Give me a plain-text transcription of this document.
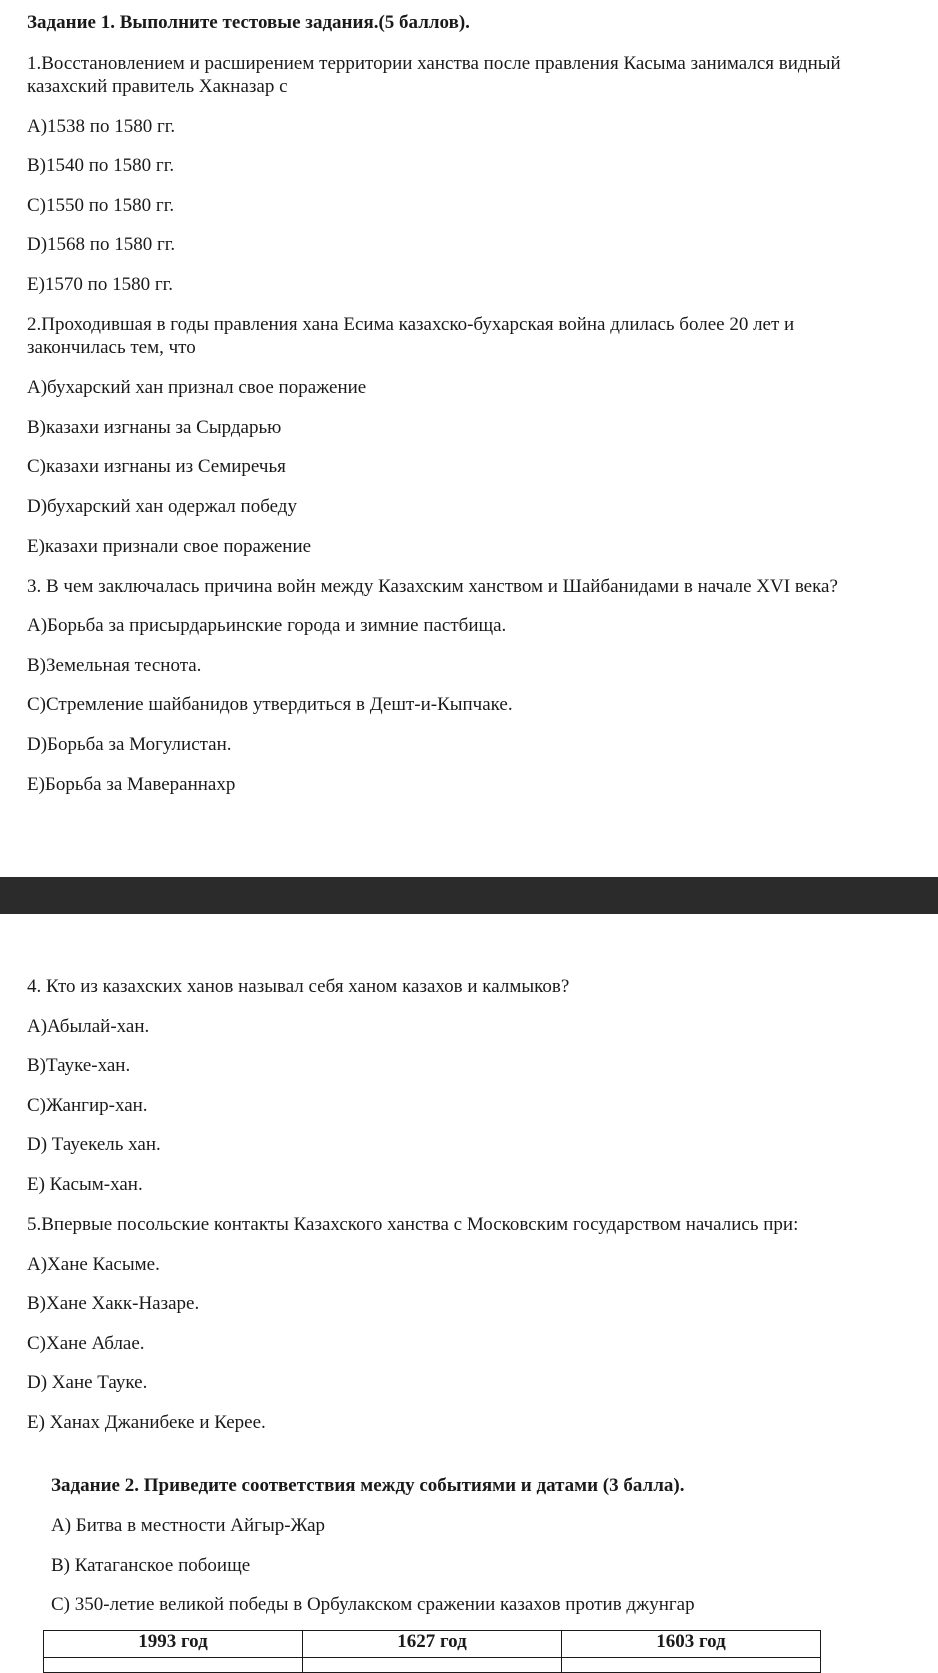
Задание 1. Выполните тестовые задания.(5 баллов).
1.Восстановлением и расширением территории ханства после правления Касыма занимался видный
казахский правитель Хакназар с
A)1538 по 1580 гг.
B)1540 по 1580 гг.
C)1550 по 1580 гг.
D)1568 по 1580 гг.
E)1570 по 1580 гг.
2.Проходившая в годы правления хана Есима казахско-бухарская война длилась более 20 лет и
закончилась тем, что
A)бухарский хан признал свое поражение
B)казахи изгнаны за Сырдарью
C)казахи изгнаны из Семиречья
D)бухарский хан одержал победу
E)казахи признали свое поражение
3. В чем заключалась причина войн между Казахским ханством и Шайбанидами в начале XVI века?
A)Борьба за присырдарьинские города и зимние пастбища.
B)Земельная теснота.
C)Стремление шайбанидов утвердиться в Дешт-и-Кыпчаке.
D)Борьба за Могулистан.
E)Борьба за Мавераннахр
4. Кто из казахских ханов называл себя ханом казахов и калмыков?
A)Абылай-хан.
B)Тауке-хан.
C)Жангир-хан.
D) Тауекель хан.
E) Касым-хан.
5.Впервые посольские контакты Казахского ханства с Московским государством начались при:
A)Хане Касыме.
B)Хане Хакк-Назаре.
C)Хане Аблае.
D) Хане Тауке.
E) Ханах Джанибеке и Керее.
Задание 2. Приведите соответствия между событиями и датами (3 балла).
A) Битва в местности Айгыр-Жар
B) Катаганское побоище
C) 350-летие великой победы в Орбулакском сражении казахов против джунгар
1993 год	1627 год	1603 год
